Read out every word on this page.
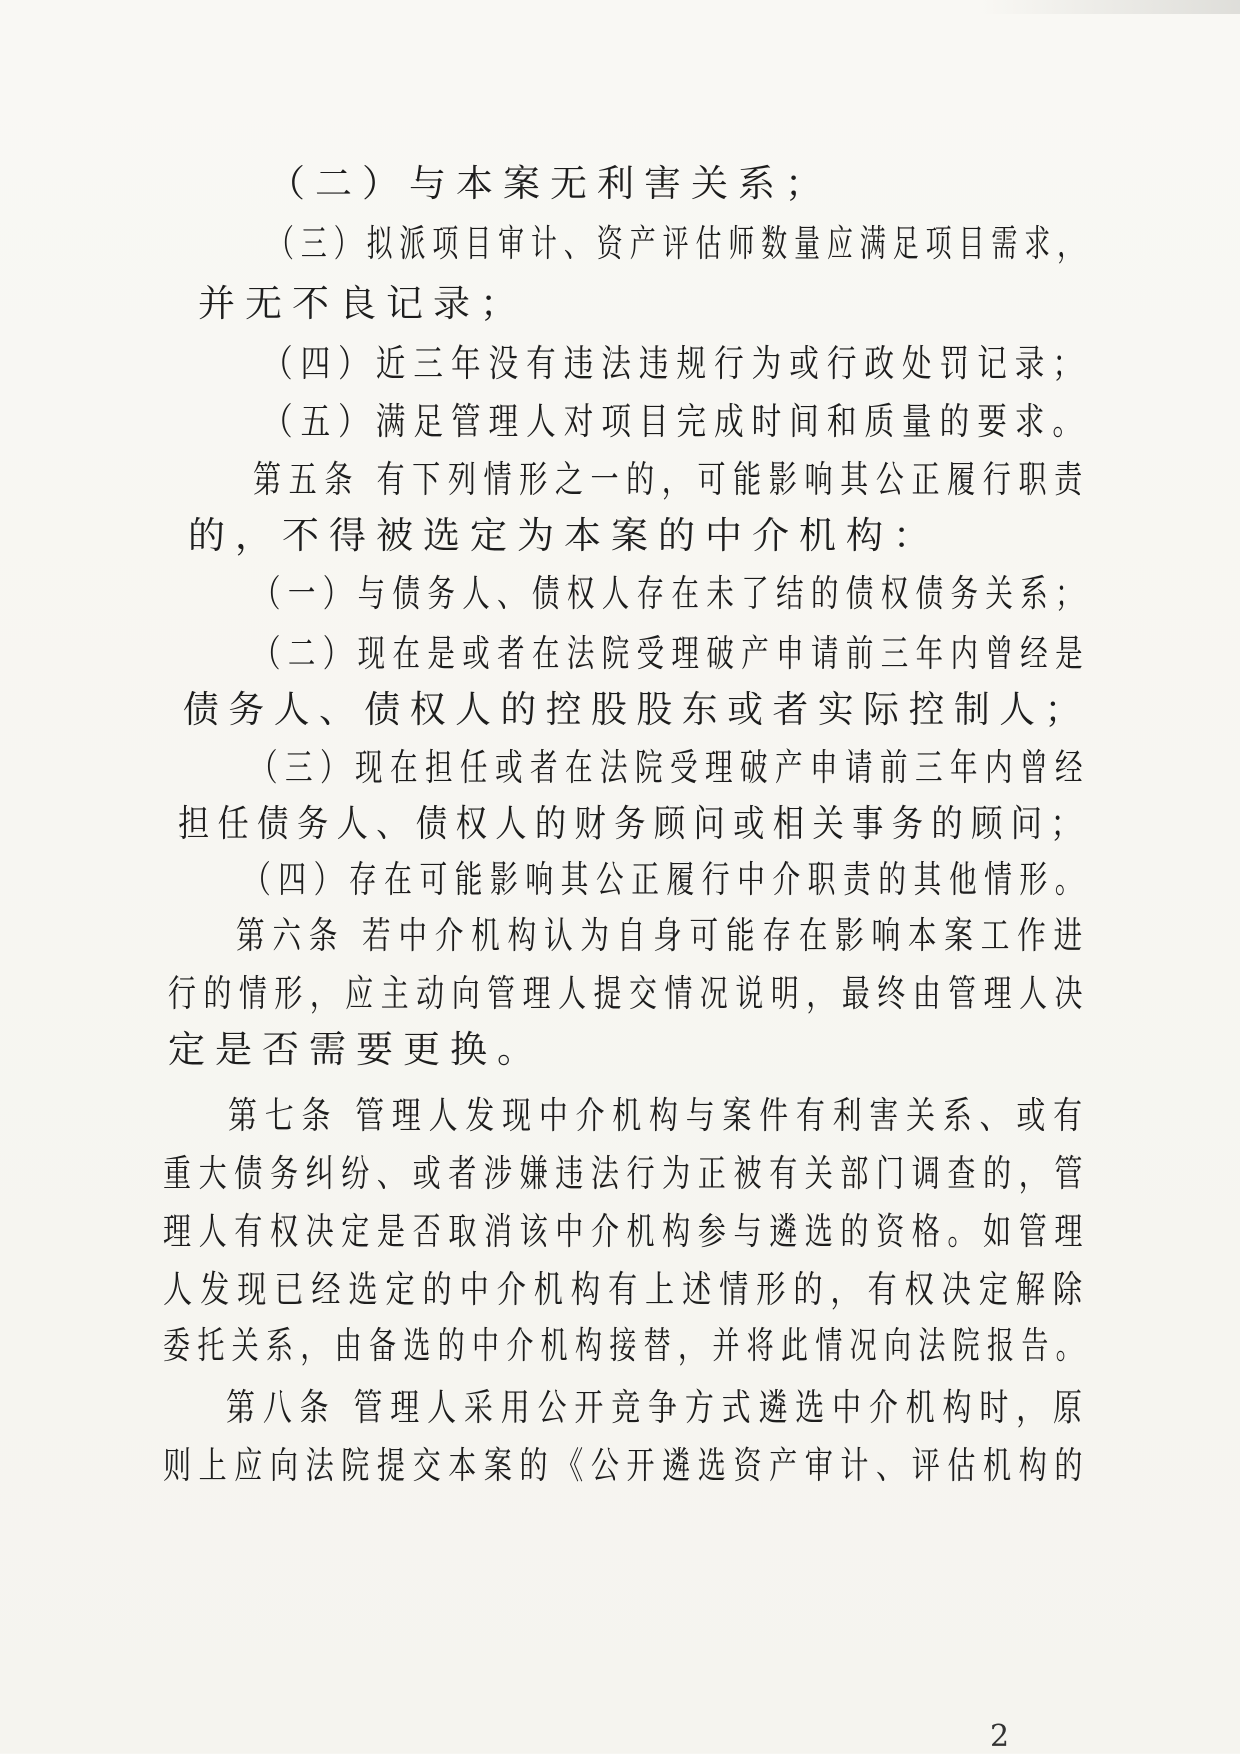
（二）与本案无利害关系；
（三）拟派项目审计、资产评估师数量应满足项目需求，
并无不良记录；
（四）近三年没有违法违规行为或行政处罚记录；
（五）满足管理人对项目完成时间和质量的要求。
第五条 有下列情形之一的，可能影响其公正履行职责
的，不得被选定为本案的中介机构：
（一）与债务人、债权人存在未了结的债权债务关系；
（二）现在是或者在法院受理破产申请前三年内曾经是
债务人、债权人的控股股东或者实际控制人；
（三）现在担任或者在法院受理破产申请前三年内曾经
担任债务人、债权人的财务顾问或相关事务的顾问；
（四）存在可能影响其公正履行中介职责的其他情形。
第六条 若中介机构认为自身可能存在影响本案工作进
行的情形，应主动向管理人提交情况说明，最终由管理人决
定是否需要更换。
第七条 管理人发现中介机构与案件有利害关系、或有
重大债务纠纷、或者涉嫌违法行为正被有关部门调查的，管
理人有权决定是否取消该中介机构参与遴选的资格。如管理
人发现已经选定的中介机构有上述情形的，有权决定解除
委托关系，由备选的中介机构接替，并将此情况向法院报告。
第八条 管理人采用公开竞争方式遴选中介机构时，原
则上应向法院提交本案的《公开遴选资产审计、评估机构的
2
